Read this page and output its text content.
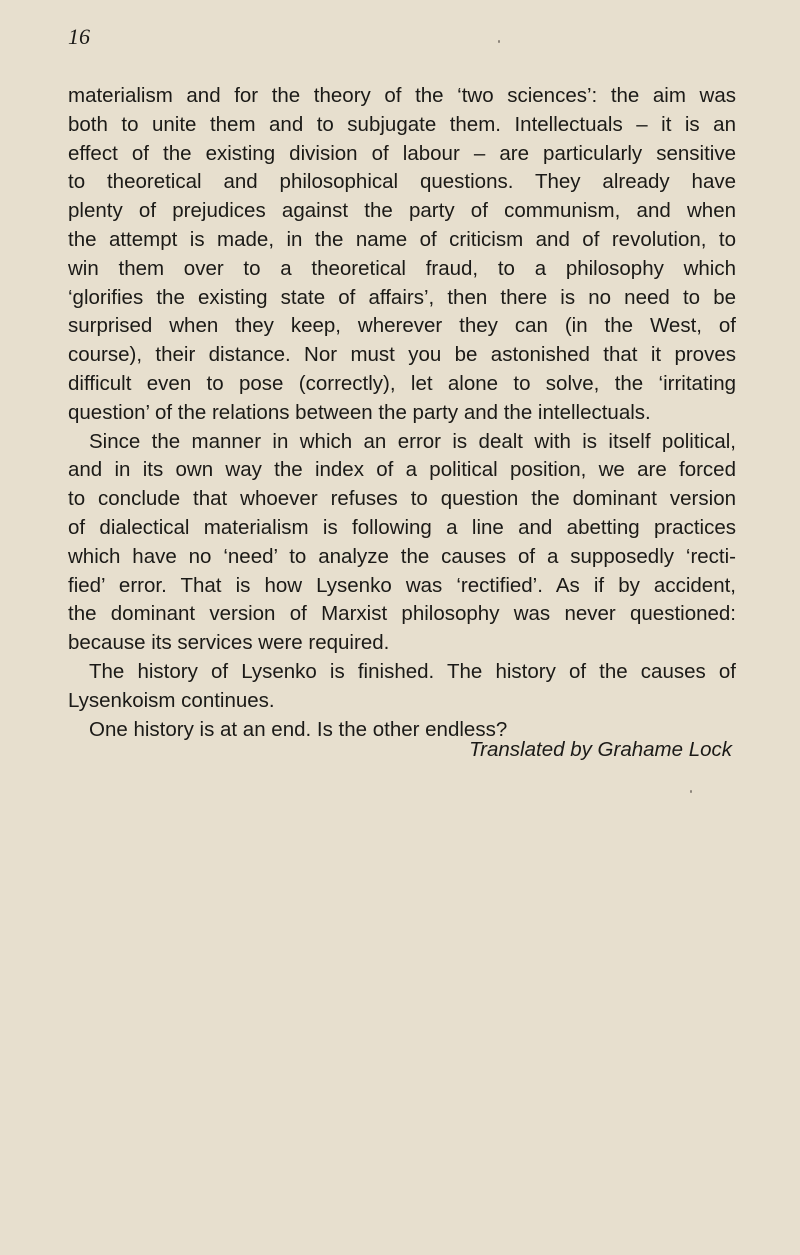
16
materialism and for the theory of the ‘two sciences’: the aim was
both to unite them and to subjugate them. Intellectuals – it is an
effect of the existing division of labour – are particularly sensitive
to theoretical and philosophical questions. They already have
plenty of prejudices against the party of communism, and when
the attempt is made, in the name of criticism and of revolution, to
win them over to a theoretical fraud, to a philosophy which
‘glorifies the existing state of affairs’, then there is no need to be
surprised when they keep, wherever they can (in the West, of
course), their distance. Nor must you be astonished that it proves
difficult even to pose (correctly), let alone to solve, the ‘irritating
question’ of the relations between the party and the intellectuals.
Since the manner in which an error is dealt with is itself political,
and in its own way the index of a political position, we are forced
to conclude that whoever refuses to question the dominant version
of dialectical materialism is following a line and abetting practices
which have no ‘need’ to analyze the causes of a supposedly ‘recti-
fied’ error. That is how Lysenko was ‘rectified’. As if by accident,
the dominant version of Marxist philosophy was never questioned:
because its services were required.
The history of Lysenko is finished. The history of the causes of
Lysenkoism continues.
One history is at an end. Is the other endless?
Translated by Grahame Lock
